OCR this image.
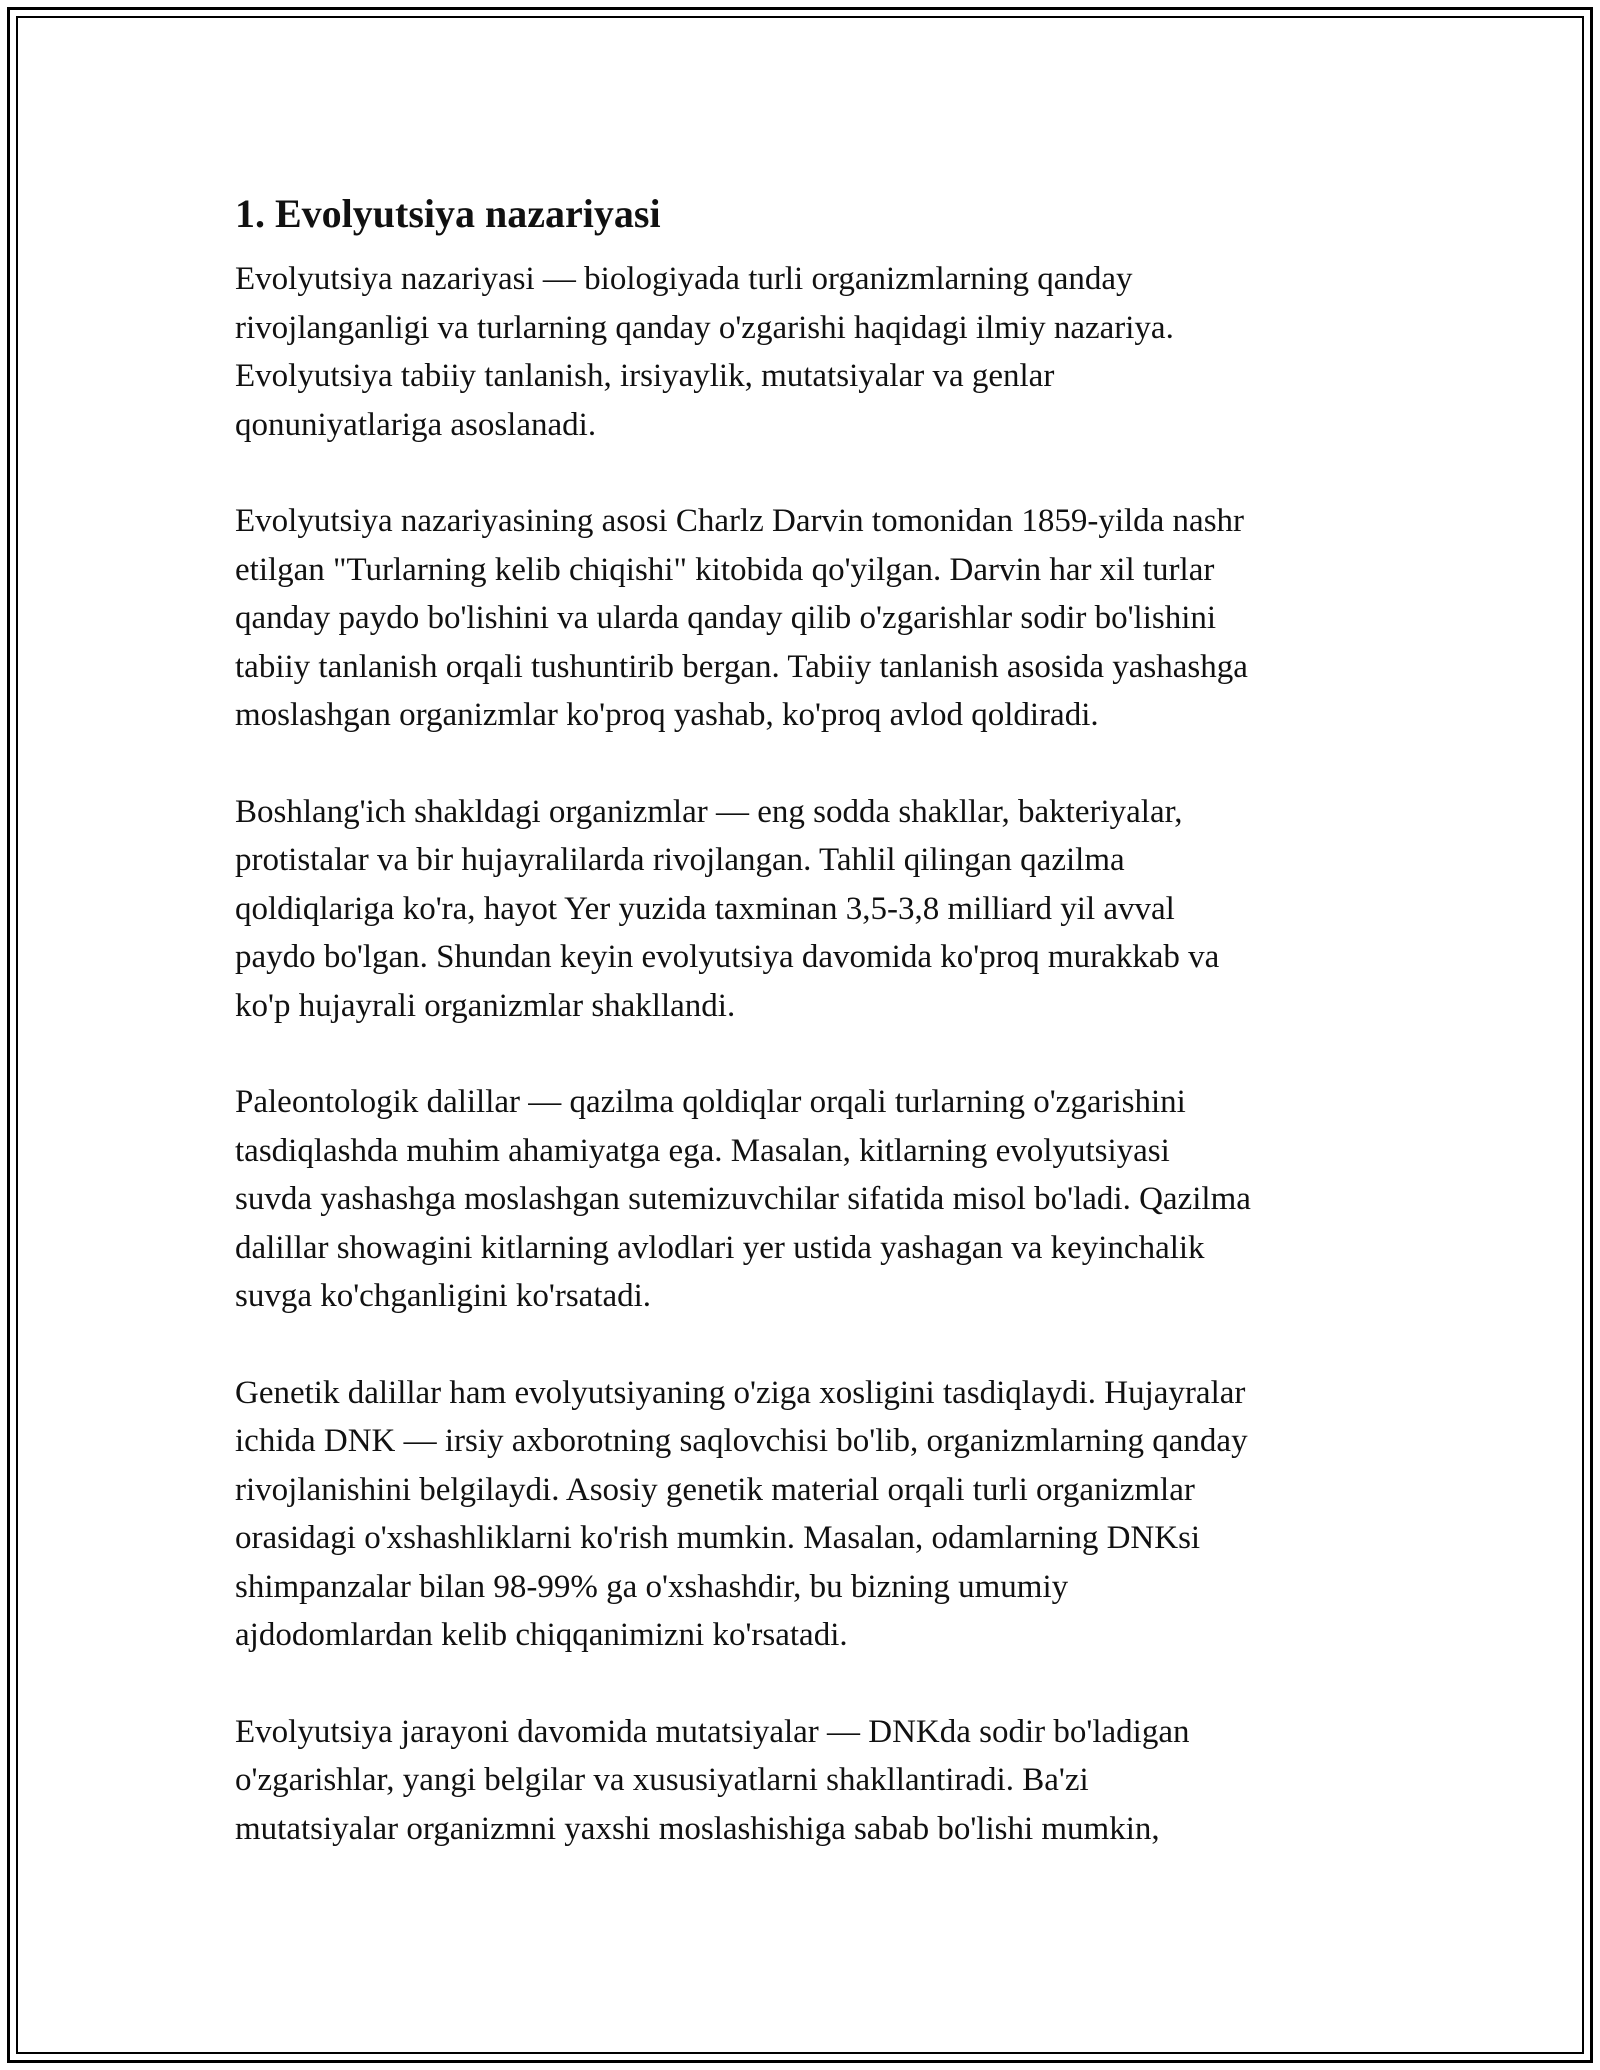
1. Evolyutsiya nazariyasi
Evolyutsiya nazariyasi — biologiyada turli organizmlarning qanday
rivojlanganligi va turlarning qanday o'zgarishi haqidagi ilmiy nazariya.
Evolyutsiya tabiiy tanlanish, irsiyaylik, mutatsiyalar va genlar
qonuniyatlariga asoslanadi.
Evolyutsiya nazariyasining asosi Charlz Darvin tomonidan 1859-yilda nashr
etilgan "Turlarning kelib chiqishi" kitobida qo'yilgan. Darvin har xil turlar
qanday paydo bo'lishini va ularda qanday qilib o'zgarishlar sodir bo'lishini
tabiiy tanlanish orqali tushuntirib bergan. Tabiiy tanlanish asosida yashashga
moslashgan organizmlar ko'proq yashab, ko'proq avlod qoldiradi.
Boshlang'ich shakldagi organizmlar — eng sodda shakllar, bakteriyalar,
protistalar va bir hujayralilarda rivojlangan. Tahlil qilingan qazilma
qoldiqlariga ko'ra, hayot Yer yuzida taxminan 3,5-3,8 milliard yil avval
paydo bo'lgan. Shundan keyin evolyutsiya davomida ko'proq murakkab va
ko'p hujayrali organizmlar shakllandi.
Paleontologik dalillar — qazilma qoldiqlar orqali turlarning o'zgarishini
tasdiqlashda muhim ahamiyatga ega. Masalan, kitlarning evolyutsiyasi
suvda yashashga moslashgan sutemizuvchilar sifatida misol bo'ladi. Qazilma
dalillar showagini kitlarning avlodlari yer ustida yashagan va keyinchalik
suvga ko'chganligini ko'rsatadi.
Genetik dalillar ham evolyutsiyaning o'ziga xosligini tasdiqlaydi. Hujayralar
ichida DNK — irsiy axborotning saqlovchisi bo'lib, organizmlarning qanday
rivojlanishini belgilaydi. Asosiy genetik material orqali turli organizmlar
orasidagi o'xshashliklarni ko'rish mumkin. Masalan, odamlarning DNKsi
shimpanzalar bilan 98-99% ga o'xshashdir, bu bizning umumiy
ajdodomlardan kelib chiqqanimizni ko'rsatadi.
Evolyutsiya jarayoni davomida mutatsiyalar — DNKda sodir bo'ladigan
o'zgarishlar, yangi belgilar va xususiyatlarni shakllantiradi. Ba'zi
mutatsiyalar organizmni yaxshi moslashishiga sabab bo'lishi mumkin,
